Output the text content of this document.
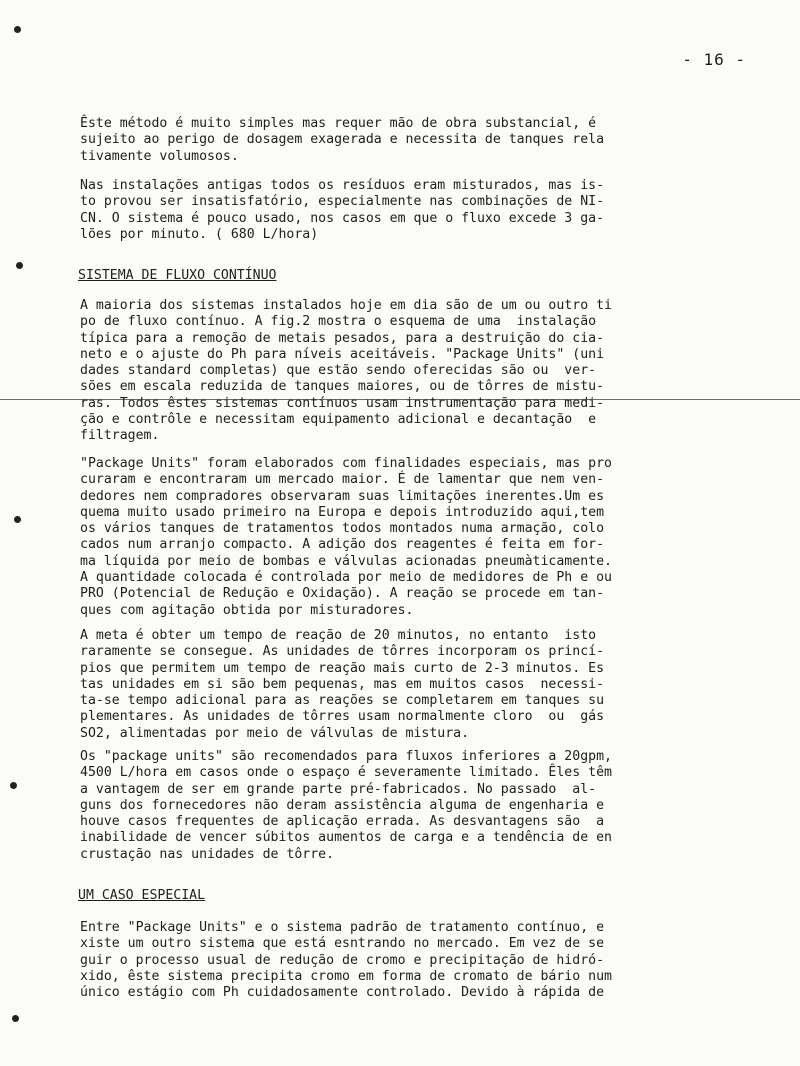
- 16 -
Êste método é muito simples mas requer mão de obra substancial, é
sujeito ao perigo de dosagem exagerada e necessita de tanques rela
tivamente volumosos.
Nas instalações antigas todos os resíduos eram misturados, mas is-
to provou ser insatisfatório, especialmente nas combinações de NI-
CN. O sistema é pouco usado, nos casos em que o fluxo excede 3 ga-
lões por minuto. ( 680 L/hora)
SISTEMA DE FLUXO CONTÍNUO
A maioria dos sistemas instalados hoje em dia são de um ou outro ti
po de fluxo contínuo. A fig.2 mostra o esquema de uma  instalação
típica para a remoção de metais pesados, para a destruição do cia-
neto e o ajuste do Ph para níveis aceitáveis. "Package Units" (uni
dades standard completas) que estão sendo oferecidas são ou  ver-
sões em escala reduzida de tanques maiores, ou de tôrres de mistu-
ras. Todos êstes sistemas contínuos usam instrumentação para medi-
ção e contrôle e necessitam equipamento adicional e decantação  e
filtragem.
"Package Units" foram elaborados com finalidades especiais, mas pro
curaram e encontraram um mercado maior. É de lamentar que nem ven-
dedores nem compradores observaram suas limitações inerentes.Um es
quema muito usado primeiro na Europa e depois introduzido aqui,tem
os vários tanques de tratamentos todos montados numa armação, colo
cados num arranjo compacto. A adição dos reagentes é feita em for-
ma líquida por meio de bombas e válvulas acionadas pneumàticamente.
A quantidade colocada é controlada por meio de medidores de Ph e ou
PRO (Potencial de Redução e Oxidação). A reação se procede em tan-
ques com agitação obtida por misturadores.
A meta é obter um tempo de reação de 20 minutos, no entanto  isto
raramente se consegue. As unidades de tôrres incorporam os princí-
pios que permitem um tempo de reação mais curto de 2-3 minutos. Es
tas unidades em si são bem pequenas, mas em muitos casos  necessi-
ta-se tempo adicional para as reações se completarem em tanques su
plementares. As unidades de tôrres usam normalmente cloro  ou  gás
SO2, alimentadas por meio de válvulas de mistura.
Os "package units" são recomendados para fluxos inferiores a 20gpm,
4500 L/hora em casos onde o espaço é severamente limitado. Êles têm
a vantagem de ser em grande parte pré-fabricados. No passado  al-
guns dos fornecedores não deram assistência alguma de engenharia e
houve casos frequentes de aplicação errada. As desvantagens são  a
inabilidade de vencer súbitos aumentos de carga e a tendência de en
crustação nas unidades de tôrre.
UM CASO ESPECIAL
Entre "Package Units" e o sistema padrão de tratamento contínuo, e
xiste um outro sistema que está esntrando no mercado. Em vez de se
guir o processo usual de redução de cromo e precipitação de hidró-
xido, êste sistema precipita cromo em forma de cromato de bário num
único estágio com Ph cuidadosamente controlado. Devido à rápida de
